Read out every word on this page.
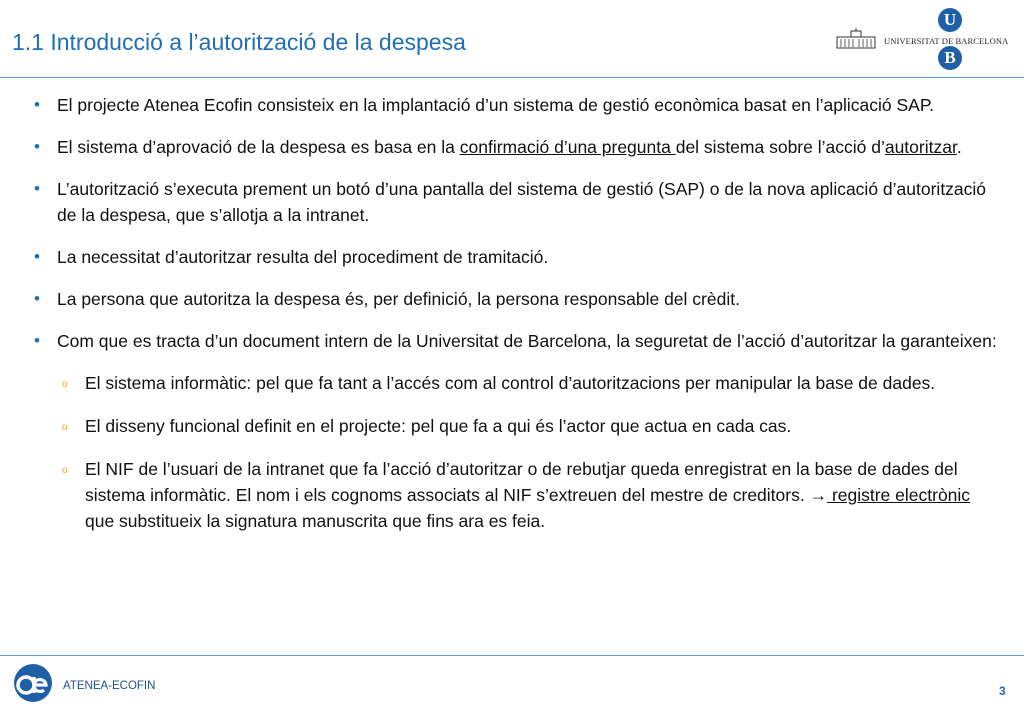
1.1 Introducció a l’autorització de la despesa	UNIVERSITAT DE BARCELONA
U
B
• El projecte Atenea Ecofin consisteix en la implantació d’un sistema de gestió econòmica basat en l’aplicació SAP.
• El sistema d’aprovació de la despesa es basa en la confirmació d’una pregunta del sistema sobre l’acció d’autoritzar.
• L’autorització s’executa prement un botó d’una pantalla del sistema de gestió (SAP) o de la nova aplicació d’autorització de la despesa, que s’allotja a la intranet.
• La necessitat d’autoritzar resulta del procediment de tramitació.
• La persona que autoritza la despesa és, per definició, la persona responsable del crèdit.
• Com que es tracta d’un document intern de la Universitat de Barcelona, la seguretat de l’acció d’autoritzar la garanteixen:
o El sistema informàtic: pel que fa tant a l’accés com al control d’autoritzacions per manipular la base de dades.
o El disseny funcional definit en el projecte: pel que fa a qui és l’actor que actua en cada cas.
o El NIF de l’usuari de la intranet que fa l’acció d’autoritzar o de rebutjar queda enregistrat en la base de dades del sistema informàtic. El nom i els cognoms associats al NIF s’extreuen del mestre de creditors. → registre electrònic que substitueix la signatura manuscrita que fins ara es feia.
ATENEA-ECOFIN	3
